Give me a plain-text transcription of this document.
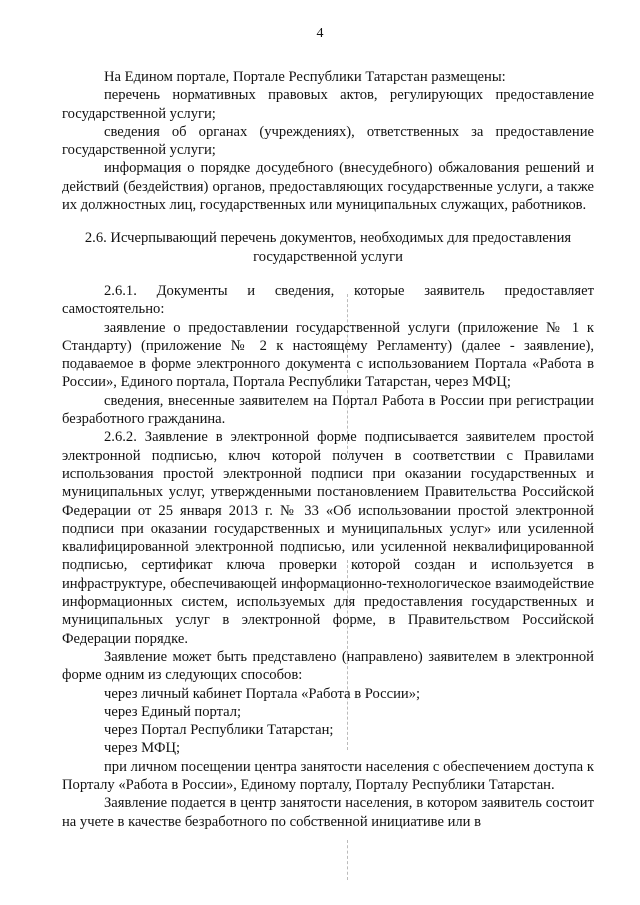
4

На Едином портале, Портале Республики Татарстан размещены:

перечень нормативных правовых актов, регулирующих предоставление государственной услуги;

сведения об органах (учреждениях), ответственных за предоставление государственной услуги;

информация о порядке досудебного (внесудебного) обжалования решений и действий (бездействия) органов, предоставляющих государственные услуги, а также их должностных лиц, государственных или муниципальных служащих, работников.

2.6. Исчерпывающий перечень документов, необходимых для предоставления государственной услуги

2.6.1. Документы и сведения, которые заявитель предоставляет самостоятельно:

заявление о предоставлении государственной услуги (приложение № 1 к Стандарту) (приложение № 2 к настоящему Регламенту) (далее - заявление), подаваемое в форме электронного документа с использованием Портала «Работа в России», Единого портала, Портала Республики Татарстан, через МФЦ;

сведения, внесенные заявителем на Портал Работа в России при регистрации безработного гражданина.

2.6.2. Заявление в электронной форме подписывается заявителем простой электронной подписью, ключ которой получен в соответствии с Правилами использования простой электронной подписи при оказании государственных и муниципальных услуг, утвержденными постановлением Правительства Российской Федерации от 25 января 2013 г. № 33 «Об использовании простой электронной подписи при оказании государственных и муниципальных услуг» или усиленной квалифицированной электронной подписью, или усиленной неквалифицированной подписью, сертификат ключа проверки которой создан и используется в инфраструктуре, обеспечивающей информационно-технологическое взаимодействие информационных систем, используемых для предоставления государственных и муниципальных услуг в электронной форме, в Правительством Российской Федерации порядке.

Заявление может быть представлено (направлено) заявителем в электронной форме одним из следующих способов:

через личный кабинет Портала «Работа в России»;

через Единый портал;

через Портал Республики Татарстан;

через МФЦ;

при личном посещении центра занятости населения с обеспечением доступа к Порталу «Работа в России», Единому порталу, Порталу Республики Татарстан.

Заявление подается в центр занятости населения, в котором заявитель состоит на учете в качестве безработного по собственной инициативе или в
